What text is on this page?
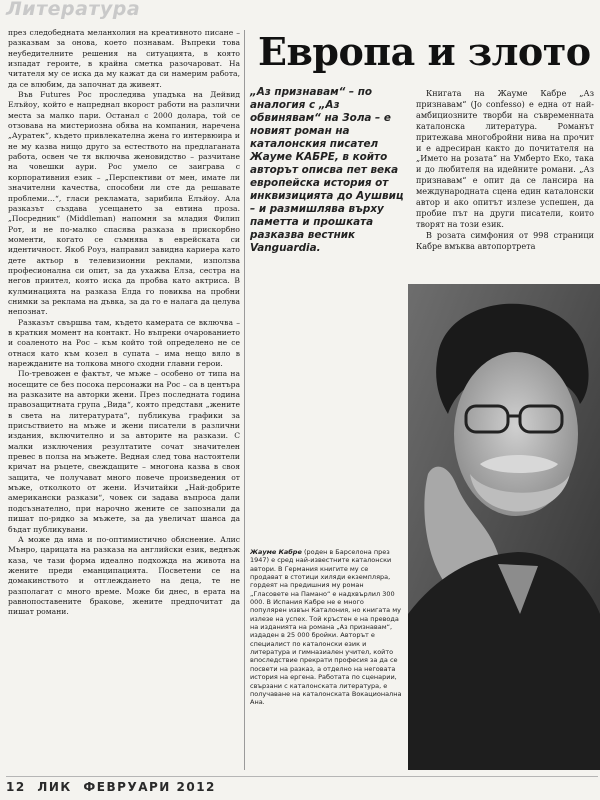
Литература

през следобедната меланхолия на креативното писане – разказвам за онова, което познавам. Въпреки това неубедителните решения на ситуацията, в която изпадат героите, в крайна сметка разочароват. На читателя му се иска да му кажат да си намерим работа, да се влюбим, да започнат да живеят.

Във Futures Рос проследява упадъка на Дейвид Елъйоу, който е напреднал вкорост работи на различни места за малко пари. Останал с 2000 долара, той се отзовава на мистериозна обява на компания, наречена „Ауратек“, където привлекателна жена го интервюира и не му казва нищо друго за естеството на предлаганата работа, освен че тя включва женовидство – разчитане на човешки аури. Рос умело се заиграва с корпоративния език – „Перспективи от мен, имате ли значителни качества, способни ли сте да решавате проблеми…“, гласи рекламата, зарибила Елъйоу. Ала разказът създава усещането за евтина проза. „Посредник“ (Middleman) напомня за младия Филип Рот, и не по-малко спасява разказа в прискорбно моменти, когато се съмнява в еврейската си идентичност. Якоб Роуз, направил завидна кариера като дете актьор в телевизионни реклами, използва професионална си опит, за да ухажва Елза, сестра на негов приятел, която иска да пробва като актриса. В кулминацията на разказа Елда го повиква на пробни снимки за реклама на дъвка, за да го е налага да целува непознат.

Разказът свършва там, където камерата се включва – в краткия момент на контакт. Но въпреки очарованието и соаленото на Рос – към който той определено не се отнася като към козел в супата – има нещо вяло в нарежданите на толкова много сходни главни герои.

По-тревожен е фактът, че мъже – особено от типа на носещите се без посока персонажи на Рос – са в центъра на разказите на авторки жени. През последната година правозащитната група „Вида“, която представя „жените в света на литературата“, публикува графики за присъствието на мъже и жени писатели в различни издания, включително и за авторите на разкази. С малки изключения резултатите сочат значителен превес в полза на мъжете. Ведная след това настоятели кричат на ръцете, свеждащите – многона казва в своя защита, че получават много повече произведения от мъже, отколкото от жени. Изчитайки „Най-добрите американски разкази“, човек си задава въпроса дали подсъзнателно, при нарочно жените се запознали да пишат по-рядко за мъжете, за да увеличат шанса да бъдат публикувани.

А може да има и по-оптимистично обяснение. Алис Мънро, царицата на разказа на английски език, веднъж каза, че тази форма идеално подхожда на живота на жените преди еманципацията. Посветени се на домакинството и отглеждането на деца, те не разполагат с много време. Може би днес, в ерата на равнопоставените бракове, жените предпочитат да пишат романи.

Европа и злото
„Аз признавам“ – по аналогия с „Аз обвинявам“ на Зола – е новият роман на каталонския писател Жауме КАБРЕ, в който авторът описва пет века европейска история от инквизицията до Аушвиц – и размишлява върху паметта и прошката разказва вестник Vanguardia.

Книгата на Жауме Кабре „Аз признавам“ (Jo confesso) е една от най-амбициозните творби на съвременната каталонска литература. Романът притежава многобройни нива на прочит и е адресиран както до почитателя на „Името на розата“ на Умберто Еко, така и до любителя на идейните романи. „Аз признавам“ е опит да се лансира на международната сцена един каталонски автор и ако опитът излезе успешен, да пробие път на други писатели, които творят на този език.

В розата симфония от 998 страници Кабре вмъква автопортрета

Жауме Кабре (роден в Барселона през 1947) е сред най-известните каталонски автори. В Германия книгите му се продават в стотици хиляди екземпляра, гордеят на предишния му роман „Гласовете на Памано“ е надхвърлил 300 000. В Испания Кабре не е много популярен извън Каталония, но книгата му излезе на успех. Той кръстен е на превода на изданията на романа „Аз признавам“, издаден в 25 000 бройки. Авторът е специалист по каталонски език и литература и гимназиален учител, който впоследствие прекрати професия за да се посвети на разказ, а отделно на неговата история на ергена. Работата по сценарии, свързани с каталонската литература, е получаване на каталонската Вокационална Ана.
12 ЛИК ФЕВРУАРИ 2012
